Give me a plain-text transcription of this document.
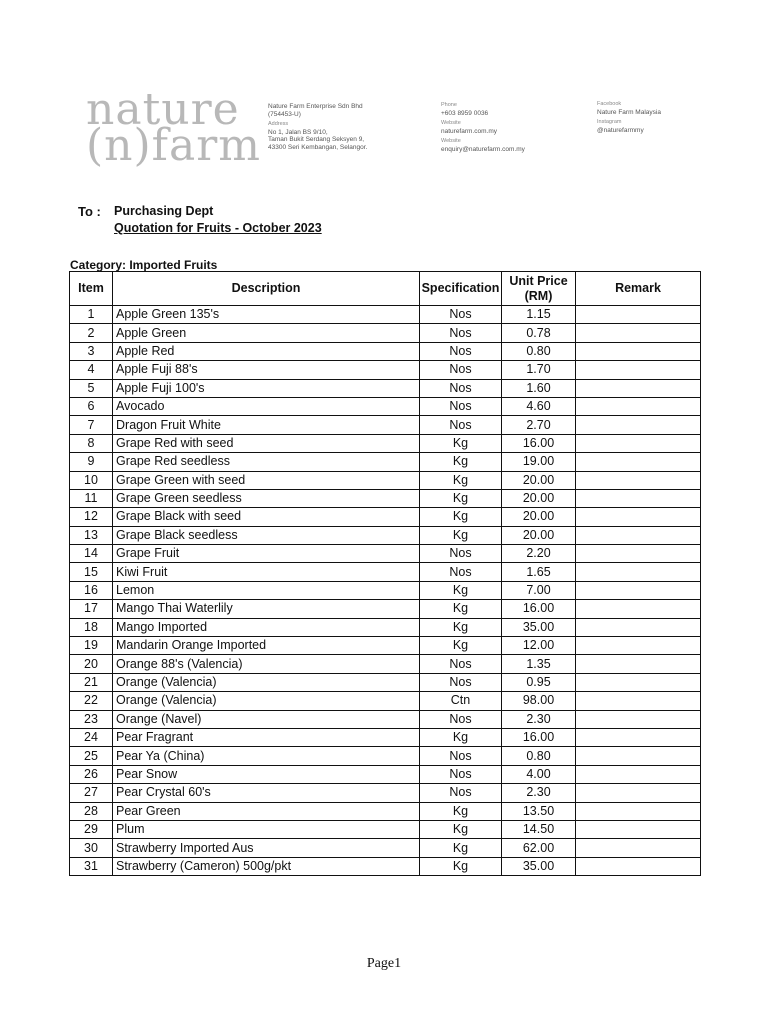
nature
(n)farm
Nature Farm Enterprise Sdn Bhd
(754453-U)
Address
No 1, Jalan BS 9/10,
Taman Bukit Serdang Seksyen 9,
43300 Seri Kembangan, Selangor.
Phone
+603 8959 0036
Website
naturefarm.com.my
Website
enquiry@naturefarm.com.my
Facebook
Nature Farm Malaysia
Instagram
@naturefarmmy
To : Purchasing Dept
Quotation for Fruits - October 2023
Category: Imported Fruits
Item	Description	Specification	Unit Price
(RM)	Remark
1	Apple Green 135's	Nos	1.15	
2	Apple Green	Nos	0.78	
3	Apple Red	Nos	0.80	
4	Apple Fuji 88's	Nos	1.70	
5	Apple Fuji 100's	Nos	1.60	
6	Avocado	Nos	4.60	
7	Dragon Fruit White	Nos	2.70	
8	Grape Red with seed	Kg	16.00	
9	Grape Red seedless	Kg	19.00	
10	Grape Green with seed	Kg	20.00	
11	Grape Green seedless	Kg	20.00	
12	Grape Black with seed	Kg	20.00	
13	Grape Black seedless	Kg	20.00	
14	Grape Fruit	Nos	2.20	
15	Kiwi Fruit	Nos	1.65	
16	Lemon	Kg	7.00	
17	Mango Thai Waterlily	Kg	16.00	
18	Mango Imported	Kg	35.00	
19	Mandarin Orange Imported	Kg	12.00	
20	Orange 88's (Valencia)	Nos	1.35	
21	Orange (Valencia)	Nos	0.95	
22	Orange (Valencia)	Ctn	98.00	
23	Orange (Navel)	Nos	2.30	
24	Pear Fragrant	Kg	16.00	
25	Pear Ya (China)	Nos	0.80	
26	Pear Snow	Nos	4.00	
27	Pear Crystal 60's	Nos	2.30	
28	Pear Green	Kg	13.50	
29	Plum	Kg	14.50	
30	Strawberry Imported Aus	Kg	62.00	
31	Strawberry (Cameron) 500g/pkt	Kg	35.00	
Page1
